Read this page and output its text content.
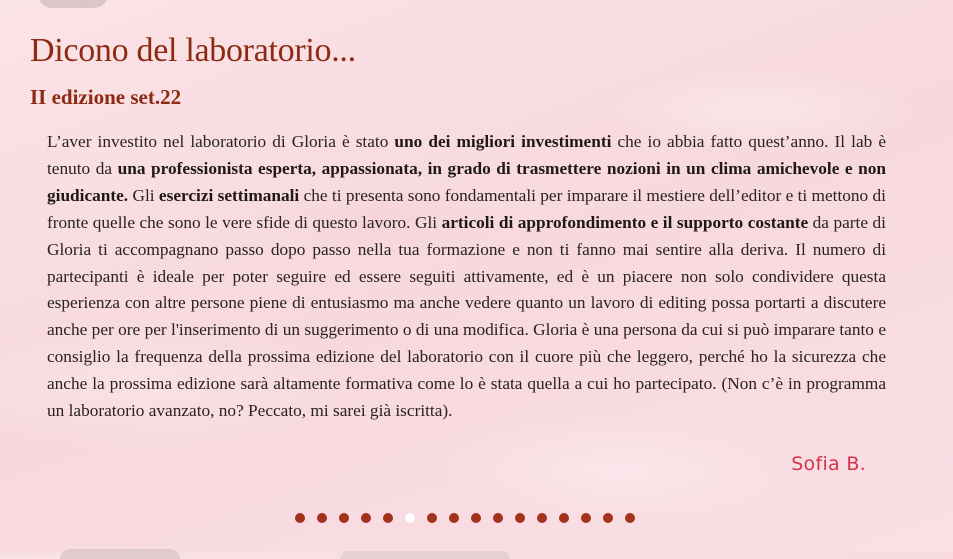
Dicono del laboratorio...
II edizione set.22

L’aver investito nel laboratorio di Gloria è stato uno dei migliori investimenti che io abbia fatto quest’anno. Il lab è tenuto da una professionista esperta, appassionata, in grado di trasmettere nozioni in un clima amichevole e non giudicante. Gli esercizi settimanali che ti presenta sono fondamentali per imparare il mestiere dell’editor e ti mettono di fronte quelle che sono le vere sfide di questo lavoro. Gli articoli di approfondimento e il supporto costante da parte di Gloria ti accompagnano passo dopo passo nella tua formazione e non ti fanno mai sentire alla deriva. Il numero di partecipanti è ideale per poter seguire ed essere seguiti attivamente, ed è un piacere non solo condividere questa esperienza con altre persone piene di entusiasmo ma anche vedere quanto un lavoro di editing possa portarti a discutere anche per ore per l'inserimento di un suggerimento o di una modifica. Gloria è una persona da cui si può imparare tanto e consiglio la frequenza della prossima edizione del laboratorio con il cuore più che leggero, perché ho la sicurezza che anche la prossima edizione sarà altamente formativa come lo è stata quella a cui ho partecipato. (Non c’è in programma un laboratorio avanzato, no? Peccato, mi sarei già iscritta).

Sofia B.
